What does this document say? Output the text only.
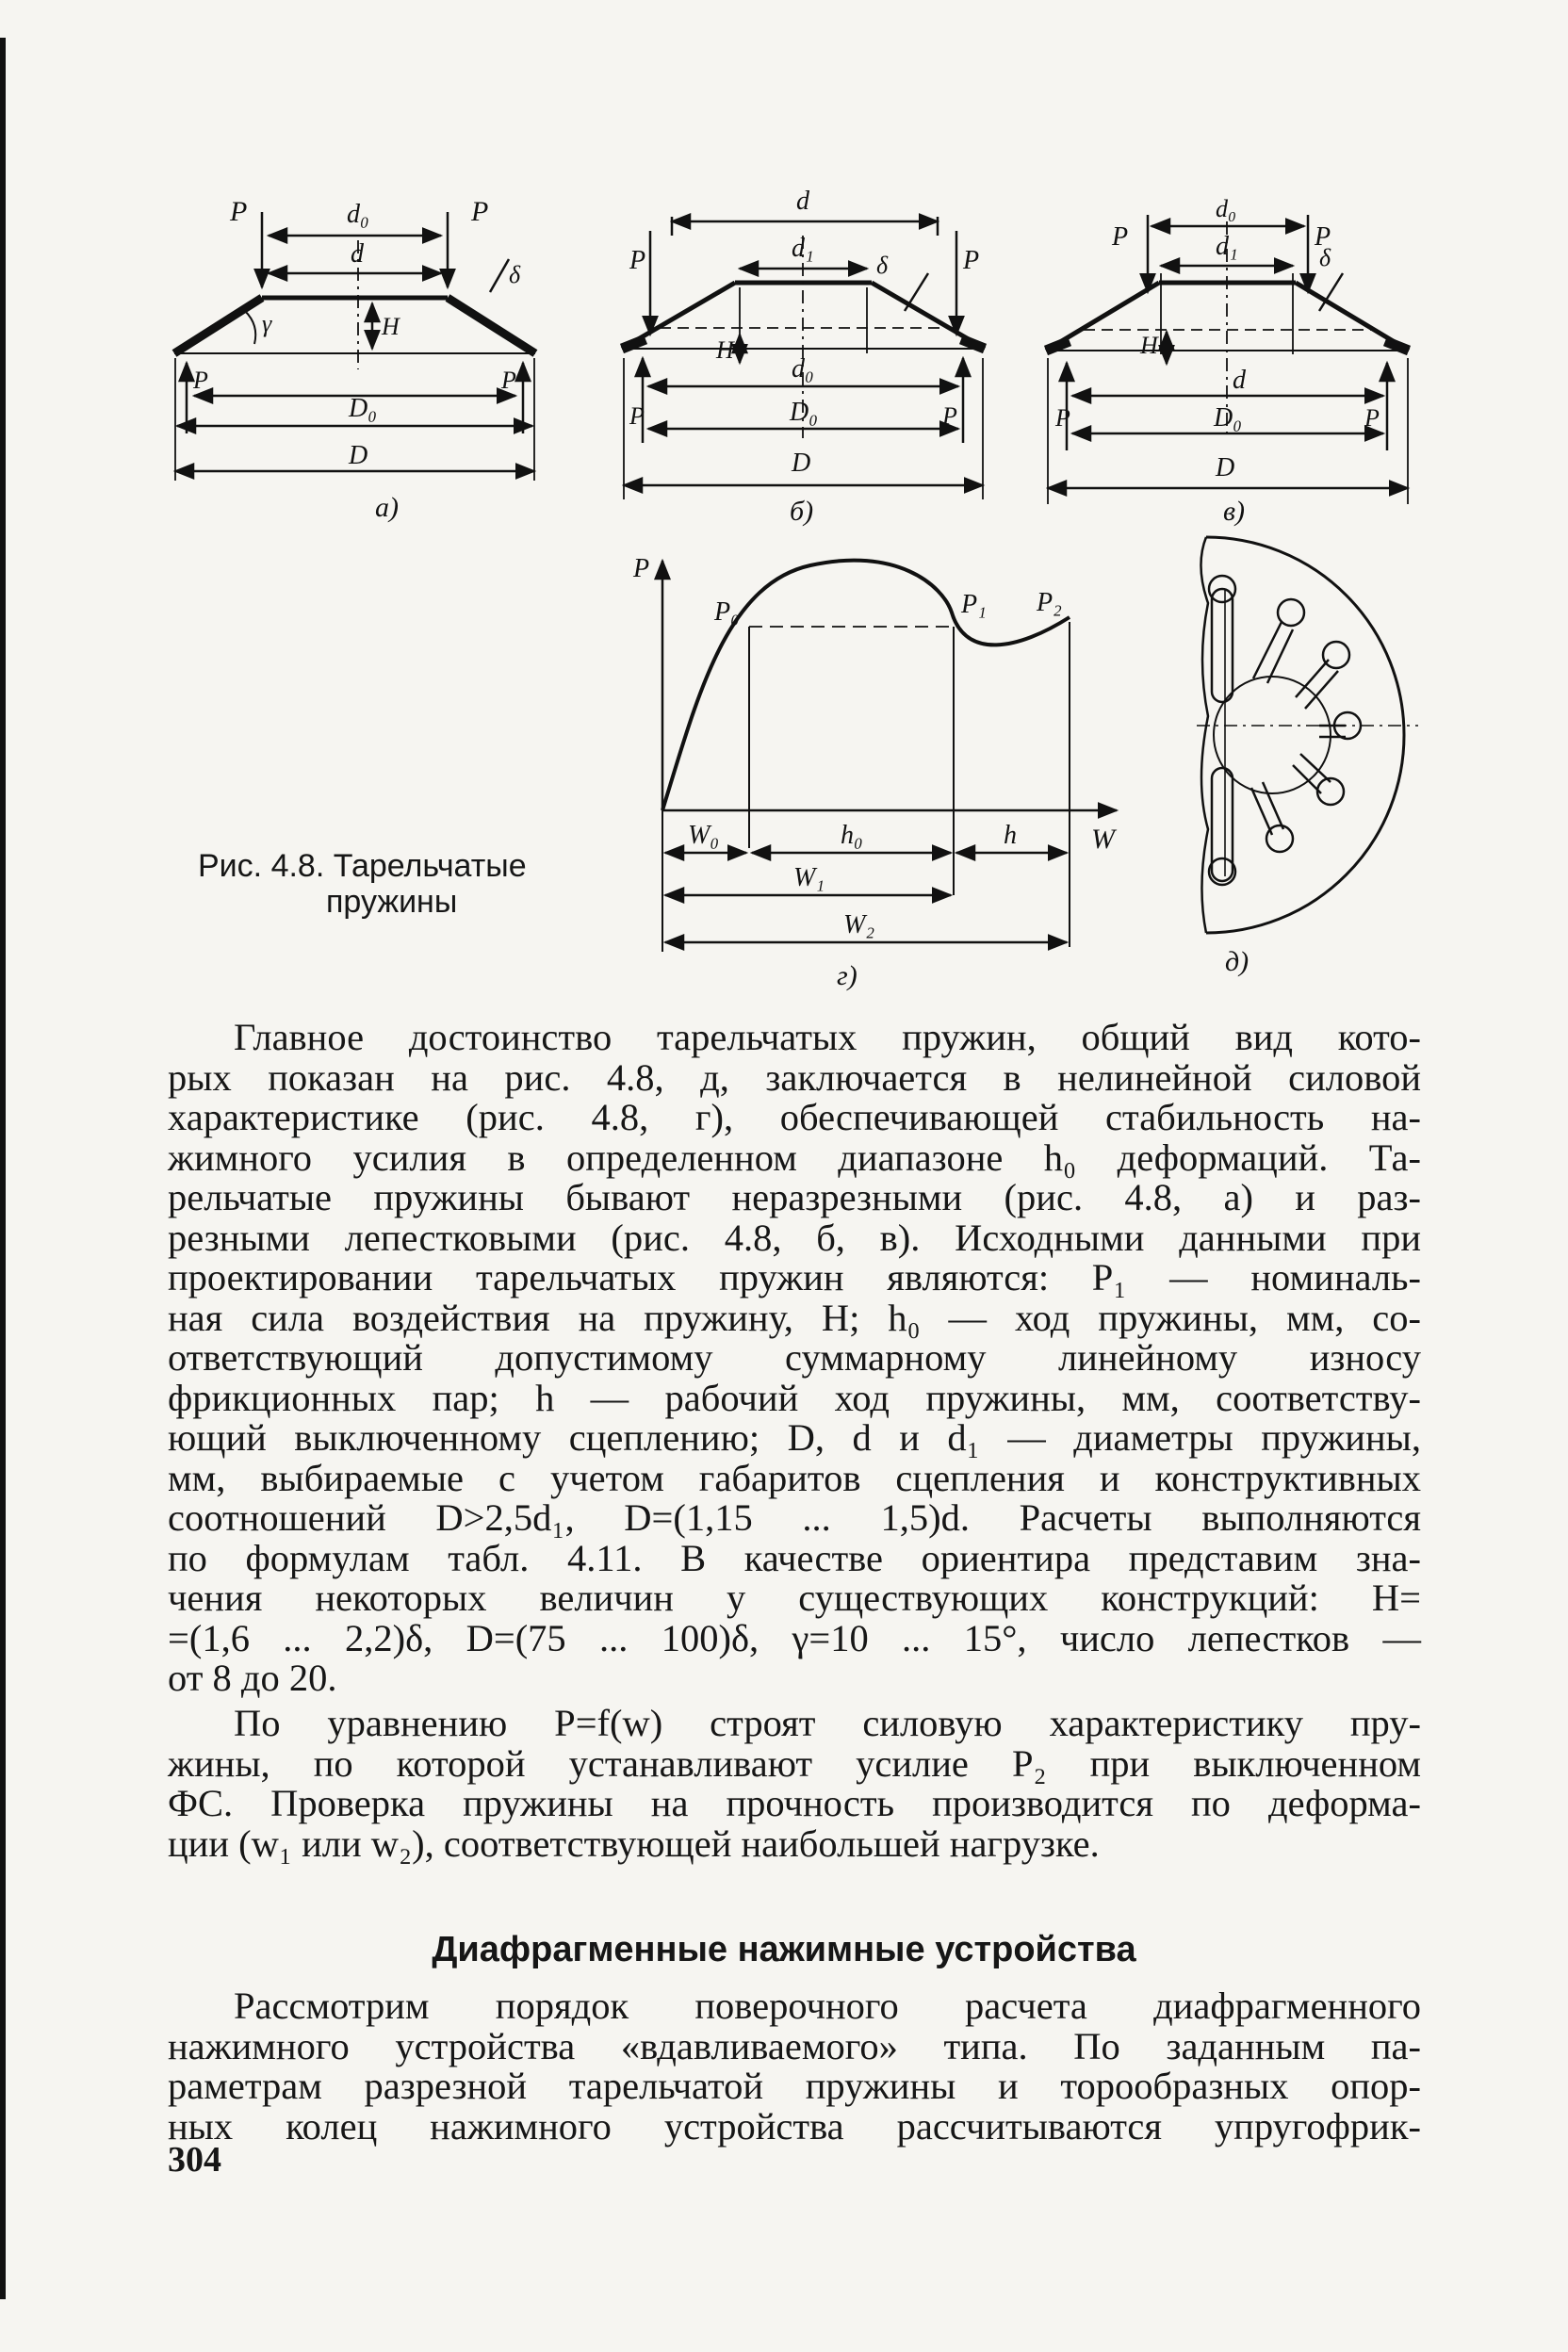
P	P
d₀
d
δ
γ	H
P	P
D₀
D
а)
d
P	P
d₁
δ
H
d₀
D₀
P	P
D
б)
d₀
P	P
d₁	δ
H
d
D₀
P	P
D
в)
P
P₀	P₁ P₂
W
W₀	h₀	h
W₁
W₂
г)	д)
Рис. 4.8. Тарельчатые
пружины
Главное достоинство тарельчатых пружин, общий вид кото-
рых показан на рис. 4.8, д, заключается в нелинейной силовой
характеристике (рис. 4.8, г), обеспечивающей стабильность на-
жимного усилия в определенном диапазоне h₀ деформаций. Та-
рельчатые пружины бывают неразрезными (рис. 4.8, а) и раз-
резными лепестковыми (рис. 4.8, б, в). Исходными данными при
проектировании тарельчатых пружин являются: P₁ — номиналь-
ная сила воздействия на пружину, Н; h₀ — ход пружины, мм, со-
ответствующий допустимому суммарному линейному износу
фрикционных пар; h — рабочий ход пружины, мм, соответству-
ющий выключенному сцеплению; D, d и d₁ — диаметры пружины,
мм, выбираемые с учетом габаритов сцепления и конструктивных
соотношений D>2,5d₁, D=(1,15 ... 1,5)d. Расчеты выполняются
по формулам табл. 4.11. В качестве ориентира представим зна-
чения некоторых величин у существующих конструкций: H=
=(1,6 ... 2,2)δ, D=(75 ... 100)δ, γ=10 ... 15°, число лепестков —
от 8 до 20.
По уравнению P=f(w) строят силовую характеристику пру-
жины, по которой устанавливают усилие P₂ при выключенном
ФС. Проверка пружины на прочность производится по деформа-
ции (w₁ или w₂), соответствующей наибольшей нагрузке.
Диафрагменные нажимные устройства
Рассмотрим порядок поверочного расчета диафрагменного
нажимного устройства «вдавливаемого» типа. По заданным па-
раметрам разрезной тарельчатой пружины и торообразных опор-
ных колец нажимного устройства рассчитываются упругофрик-
304
